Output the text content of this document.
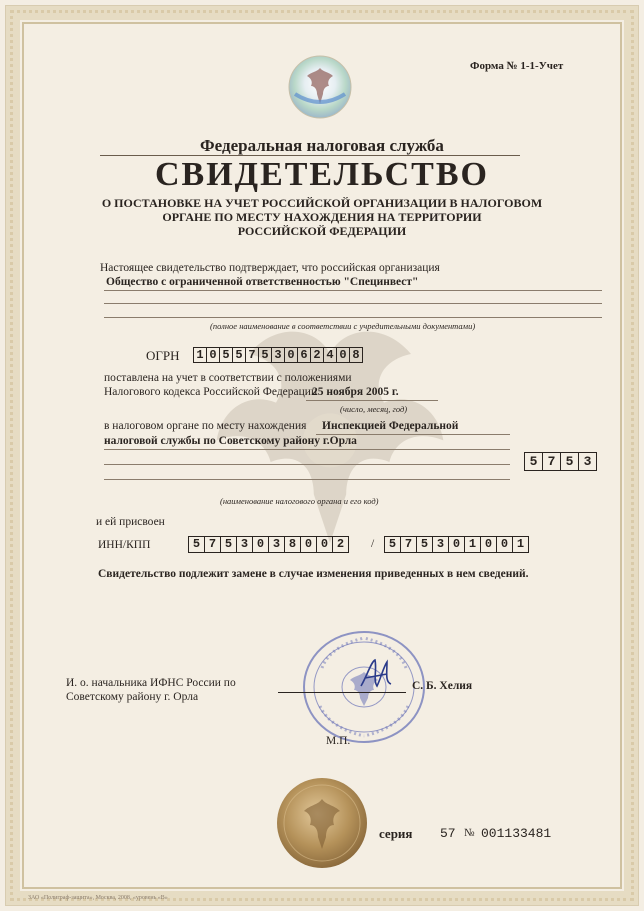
Форма № 1-1-Учет
Федеральная налоговая служба
СВИДЕТЕЛЬСТВО
О ПОСТАНОВКЕ НА УЧЕТ РОССИЙСКОЙ ОРГАНИЗАЦИИ В НАЛОГОВОМ
ОРГАНЕ ПО МЕСТУ НАХОЖДЕНИЯ НА ТЕРРИТОРИИ
РОССИЙСКОЙ ФЕДЕРАЦИИ
Настоящее свидетельство подтверждает, что российская организация
Общество с ограниченной ответственностью "Специнвест"
(полное наименование в соответствии с учредительными документами)
ОГРН 1 0 5 5 7 5 3 0 6 2 4 0 8
поставлена на учет в соответствии с положениями
Налогового кодекса Российской Федерации
25 ноября 2005 г.
(число, месяц, год)
в налоговом органе по месту нахождения Инспекцией Федеральной
налоговой службы по Советскому району г.Орла
5 7 5 3
(наименование налогового органа и его код)
и ей присвоен
ИНН/КПП	5 7 5 3 0 3 8 0 0 2	/	5 7 5 3 0 1 0 0 1
Свидетельство подлежит замене в случае изменения приведенных в нем сведений.
И. о. начальника ИФНС России по
Советскому району г. Орла
С. Б. Хелия
М.П.
серия 57 № 001133481
ЗАО «Полиграф-защита», Москва, 2008, «уровень «В»
